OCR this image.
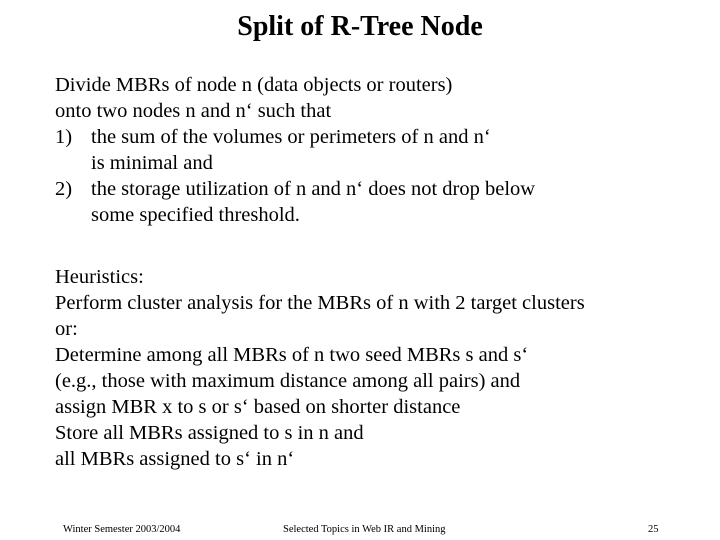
Split of R-Tree Node
Divide MBRs of node n (data objects or routers)
onto two nodes n and n‘ such that
1) the sum of the volumes or perimeters of n and n‘
is minimal and
2) the storage utilization of n and n‘ does not drop below
some specified threshold.
Heuristics:
Perform cluster analysis for the MBRs of n with 2 target clusters
or:
Determine among all MBRs of n two seed MBRs s and s‘
(e.g., those with maximum distance among all pairs) and
assign MBR x to s or s‘ based on shorter distance
Store all MBRs assigned to s in n and
all MBRs assigned to s‘ in n‘
Winter Semester 2003/2004	Selected Topics in Web IR and Mining	25
